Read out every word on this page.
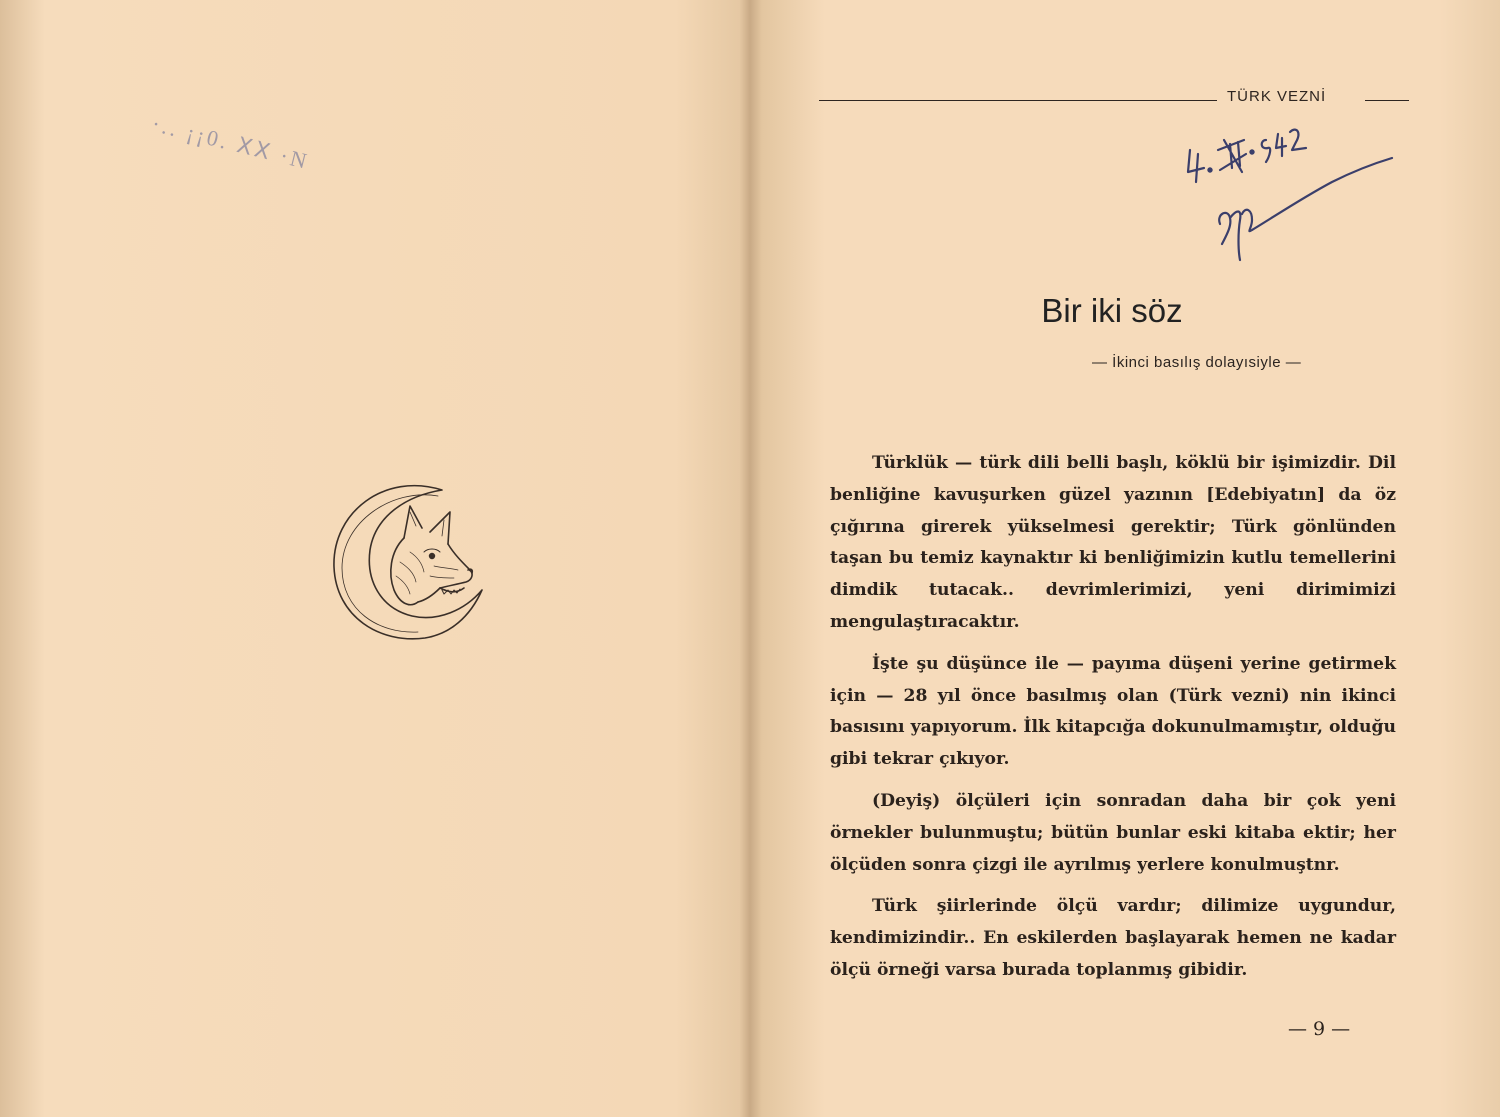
·.. ¡¡0. ⅩⅩ ·N
TÜRK VEZNİ
Bir iki söz
— İkinci basılış dolayısiyle —

Türklük — türk dili belli başlı, köklü bir işimizdir. Dil benliğine kavuşurken güzel yazının [Edebiyatın] da öz çığırına girerek yükselmesi gerektir; Türk gönlünden taşan bu temiz kaynaktır ki benliğimizin kutlu temellerini dimdik tutacak.. devrimlerimizi, yeni dirimimizi mengulaştıracaktır.

İşte şu düşünce ile — payıma düşeni yerine getirmek için — 28 yıl önce basılmış olan (Türk vezni) nin ikinci basısını yapıyorum. İlk kitapcığa dokunulmamıştır, olduğu gibi tekrar çıkıyor.

(Deyiş) ölçüleri için sonradan daha bir çok yeni örnekler bulunmuştu; bütün bunlar eski kitaba ektir; her ölçüden sonra çizgi ile ayrılmış yerlere konulmuştnr.

Türk şiirlerinde ölçü vardır; dilimize uygundur, kendimizindir.. En eskilerden başlayarak hemen ne kadar ölçü örneği varsa burada toplanmış gibidir.

— 9 —
